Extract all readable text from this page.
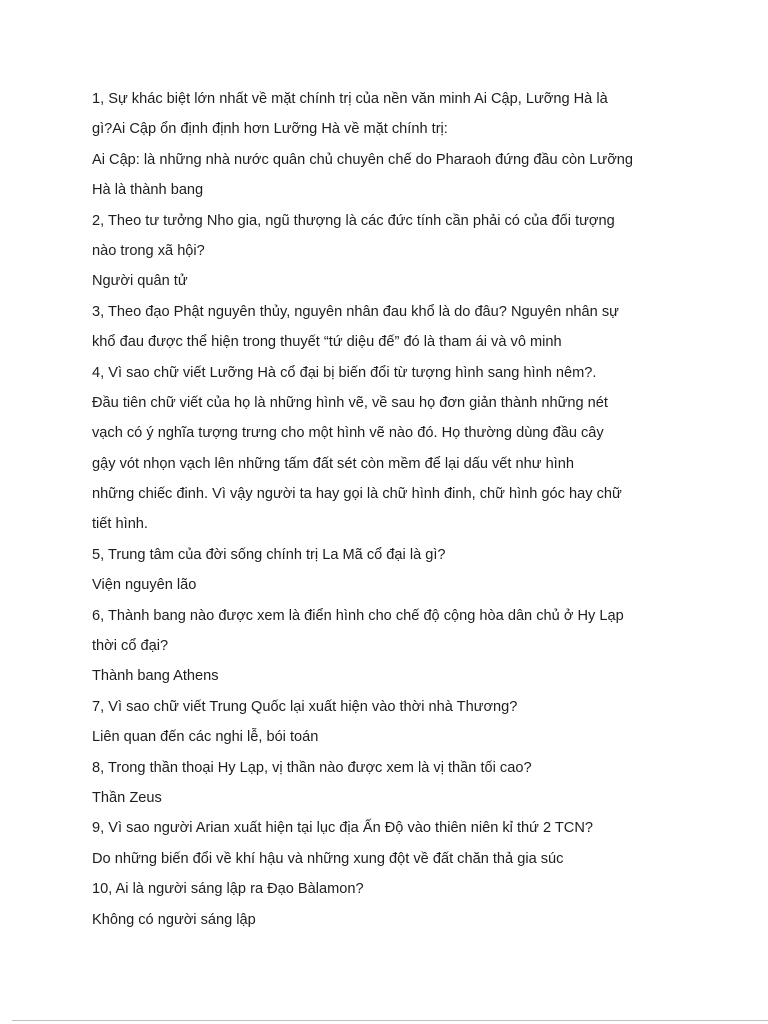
1, Sự khác biệt lớn nhất về mặt chính trị của nền văn minh Ai Cập, Lưỡng Hà là
gì?Ai Cập ổn định định hơn Lưỡng Hà về mặt chính trị:
Ai Cập: là những nhà nước quân chủ chuyên chế do Pharaoh đứng đầu còn Lưỡng
Hà là thành bang
2, Theo tư tưởng Nho gia, ngũ thượng là các đức tính cần phải có của đối tượng
nào trong xã hội?
Người quân tử
3, Theo đạo Phật nguyên thủy, nguyên nhân đau khổ là do đâu? Nguyên nhân sự
khổ đau được thể hiện trong thuyết “tứ diệu đế” đó là tham ái và vô minh
4, Vì sao chữ viết Lưỡng Hà cổ đại bị biến đổi từ tượng hình sang hình nêm?.
Đầu tiên chữ viết của họ là những hình vẽ, về sau họ đơn giản thành những nét
vạch có ý nghĩa tượng trưng cho một hình vẽ nào đó. Họ thường dùng đầu cây
gậy vót nhọn vạch lên những tấm đất sét còn mềm để lại dấu vết như hình
những chiếc đinh. Vì vậy người ta hay gọi là chữ hình đinh, chữ hình góc hay chữ
tiết hình.
5, Trung tâm của đời sống chính trị La Mã cổ đại là gì?
Viện nguyên lão
6, Thành bang nào được xem là điển hình cho chế độ cộng hòa dân chủ ở Hy Lạp
thời cổ đại?
Thành bang Athens
7, Vì sao chữ viết Trung Quốc lại xuất hiện vào thời nhà Thương?
Liên quan đến các nghi lễ, bói toán
8, Trong thần thoại Hy Lạp, vị thần nào được xem là vị thần tối cao?
Thần Zeus
9, Vì sao người Arian xuất hiện tại lục địa Ấn Độ vào thiên niên kỉ thứ 2 TCN?
Do những biến đổi về khí hậu và những xung đột về đất chăn thả gia súc
10, Ai là người sáng lập ra Đạo Bàlamon?
Không có người sáng lập
